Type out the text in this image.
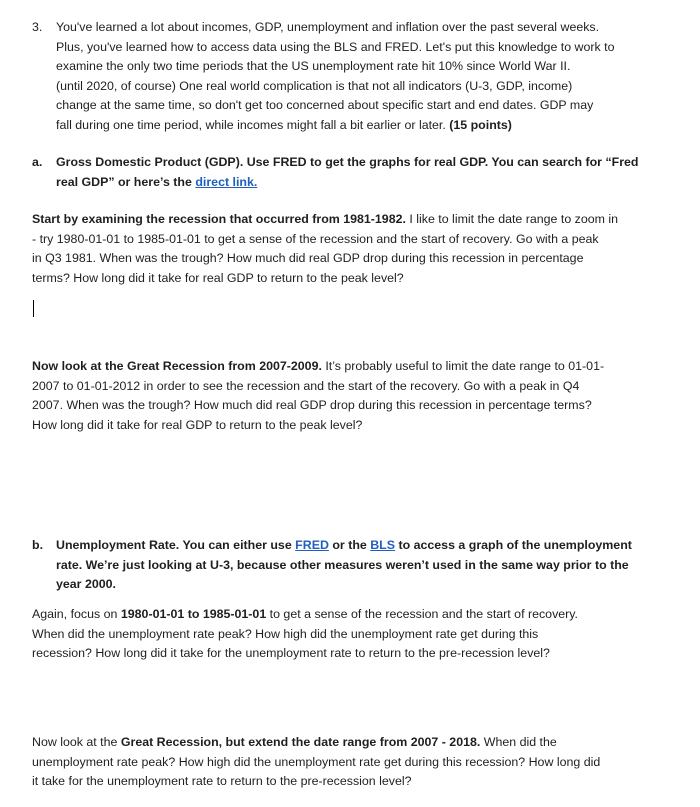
3. You've learned a lot about incomes, GDP, unemployment and inflation over the past several weeks.
Plus, you've learned how to access data using the BLS and FRED. Let's put this knowledge to work to
examine the only two time periods that the US unemployment rate hit 10% since World War II.
(until 2020, of course) One real world complication is that not all indicators (U-3, GDP, income)
change at the same time, so don't get too concerned about specific start and end dates. GDP may
fall during one time period, while incomes might fall a bit earlier or later. (15 points)
a. Gross Domestic Product (GDP). Use FRED to get the graphs for real GDP. You can search for “Fred
real GDP” or here’s the direct link.
Start by examining the recession that occurred from 1981-1982. I like to limit the date range to zoom in
- try 1980-01-01 to 1985-01-01 to get a sense of the recession and the start of recovery. Go with a peak
in Q3 1981. When was the trough? How much did real GDP drop during this recession in percentage
terms? How long did it take for real GDP to return to the peak level?
Now look at the Great Recession from 2007-2009. It’s probably useful to limit the date range to 01-01-
2007 to 01-01-2012 in order to see the recession and the start of the recovery. Go with a peak in Q4
2007. When was the trough? How much did real GDP drop during this recession in percentage terms?
How long did it take for real GDP to return to the peak level?
b. Unemployment Rate. You can either use FRED or the BLS to access a graph of the unemployment
rate. We’re just looking at U-3, because other measures weren’t used in the same way prior to the
year 2000.
Again, focus on 1980-01-01 to 1985-01-01 to get a sense of the recession and the start of recovery.
When did the unemployment rate peak? How high did the unemployment rate get during this
recession? How long did it take for the unemployment rate to return to the pre-recession level?
Now look at the Great Recession, but extend the date range from 2007 - 2018. When did the
unemployment rate peak? How high did the unemployment rate get during this recession? How long did
it take for the unemployment rate to return to the pre-recession level?
